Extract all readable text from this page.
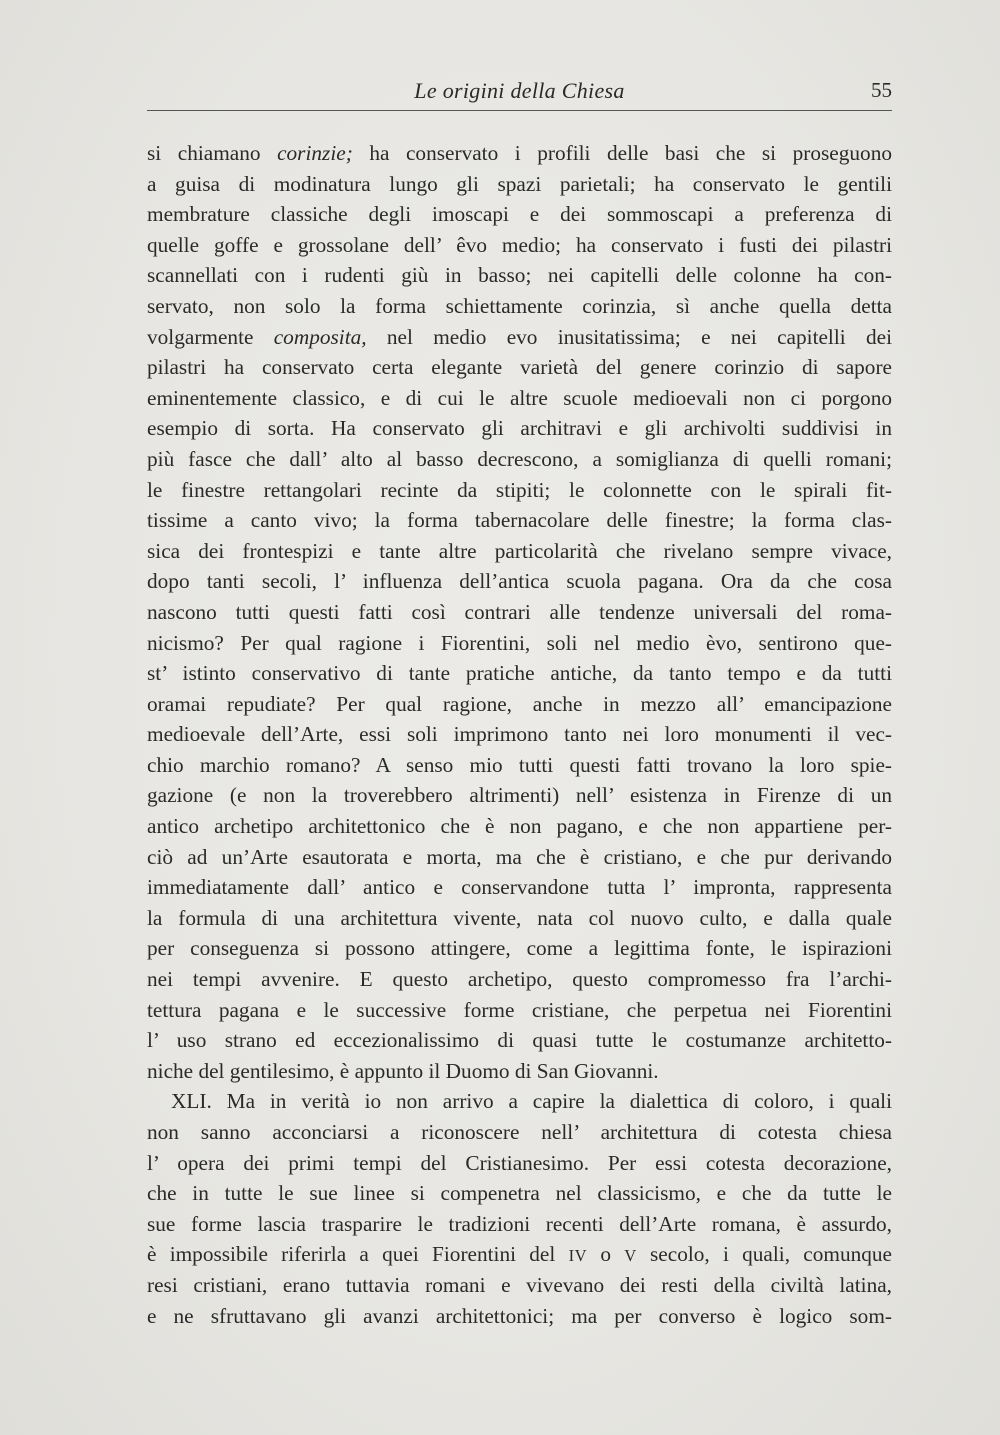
Le origini della Chiesa	55
si chiamano corinzie; ha conservato i profili delle basi che si proseguono
a guisa di modinatura lungo gli spazi parietali; ha conservato le gentili
membrature classiche degli imoscapi e dei sommoscapi a preferenza di
quelle goffe e grossolane dell’ êvo medio; ha conservato i fusti dei pilastri
scannellati con i rudenti giù in basso; nei capitelli delle colonne ha con-
servato, non solo la forma schiettamente corinzia, sì anche quella detta
volgarmente composita, nel medio evo inusitatissima; e nei capitelli dei
pilastri ha conservato certa elegante varietà del genere corinzio di sapore
eminentemente classico, e di cui le altre scuole medioevali non ci porgono
esempio di sorta. Ha conservato gli architravi e gli archivolti suddivisi in
più fasce che dall’ alto al basso decrescono, a somiglianza di quelli romani;
le finestre rettangolari recinte da stipiti; le colonnette con le spirali fit-
tissime a canto vivo; la forma tabernacolare delle finestre; la forma clas-
sica dei frontespizi e tante altre particolarità che rivelano sempre vivace,
dopo tanti secoli, l’ influenza dell’antica scuola pagana. Ora da che cosa
nascono tutti questi fatti così contrari alle tendenze universali del roma-
nicismo? Per qual ragione i Fiorentini, soli nel medio èvo, sentirono que-
st’ istinto conservativo di tante pratiche antiche, da tanto tempo e da tutti
oramai repudiate? Per qual ragione, anche in mezzo all’ emancipazione
medioevale dell’Arte, essi soli imprimono tanto nei loro monumenti il vec-
chio marchio romano? A senso mio tutti questi fatti trovano la loro spie-
gazione (e non la troverebbero altrimenti) nell’ esistenza in Firenze di un
antico archetipo architettonico che è non pagano, e che non appartiene per-
ciò ad un’Arte esautorata e morta, ma che è cristiano, e che pur derivando
immediatamente dall’ antico e conservandone tutta l’ impronta, rappresenta
la formula di una architettura vivente, nata col nuovo culto, e dalla quale
per conseguenza si possono attingere, come a legittima fonte, le ispirazioni
nei tempi avvenire. E questo archetipo, questo compromesso fra l’archi-
tettura pagana e le successive forme cristiane, che perpetua nei Fiorentini
l’ uso strano ed eccezionalissimo di quasi tutte le costumanze architetto-
niche del gentilesimo, è appunto il Duomo di San Giovanni.
XLI. Ma in verità io non arrivo a capire la dialettica di coloro, i quali
non sanno acconciarsi a riconoscere nell’ architettura di cotesta chiesa
l’ opera dei primi tempi del Cristianesimo. Per essi cotesta decorazione,
che in tutte le sue linee si compenetra nel classicismo, e che da tutte le
sue forme lascia trasparire le tradizioni recenti dell’Arte romana, è assurdo,
è impossibile riferirla a quei Fiorentini del IV o V secolo, i quali, comunque
resi cristiani, erano tuttavia romani e vivevano dei resti della civiltà latina,
e ne sfruttavano gli avanzi architettonici; ma per converso è logico som-
